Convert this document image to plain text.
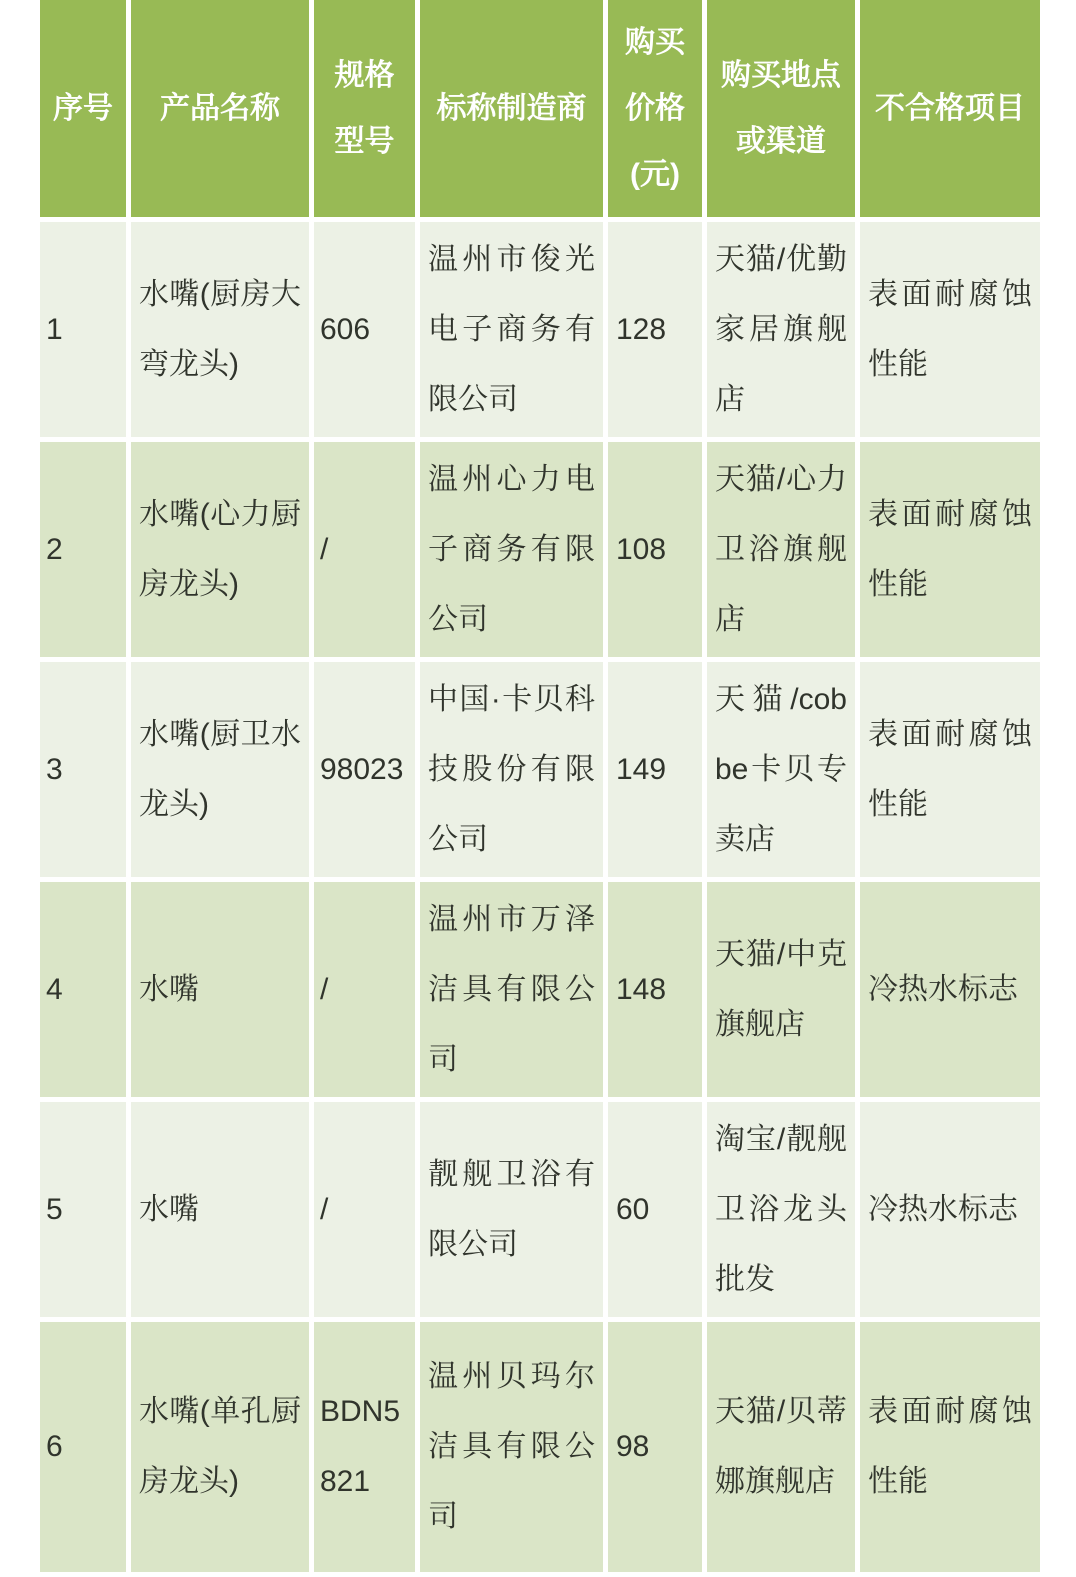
序号	产品名称	规格型号	标称制造商	购买价格(元)	购买地点或渠道	不合格项目
1	水嘴(厨房大弯龙头)	606	温州市俊光电子商务有限公司	128	天猫/优勤家居旗舰店	表面耐腐蚀性能
2	水嘴(心力厨房龙头)	/	温州心力电子商务有限公司	108	天猫/心力卫浴旗舰店	表面耐腐蚀性能
3	水嘴(厨卫水龙头)	98023	中国·卡贝科技股份有限公司	149	天猫/cobbe卡贝专卖店	表面耐腐蚀性能
4	水嘴	/	温州市万泽洁具有限公司	148	天猫/中克旗舰店	冷热水标志
5	水嘴	/	靓舰卫浴有限公司	60	淘宝/靓舰卫浴龙头批发	冷热水标志
6	水嘴(单孔厨房龙头)	BDN5821	温州贝玛尔洁具有限公司	98	天猫/贝蒂娜旗舰店	表面耐腐蚀性能
